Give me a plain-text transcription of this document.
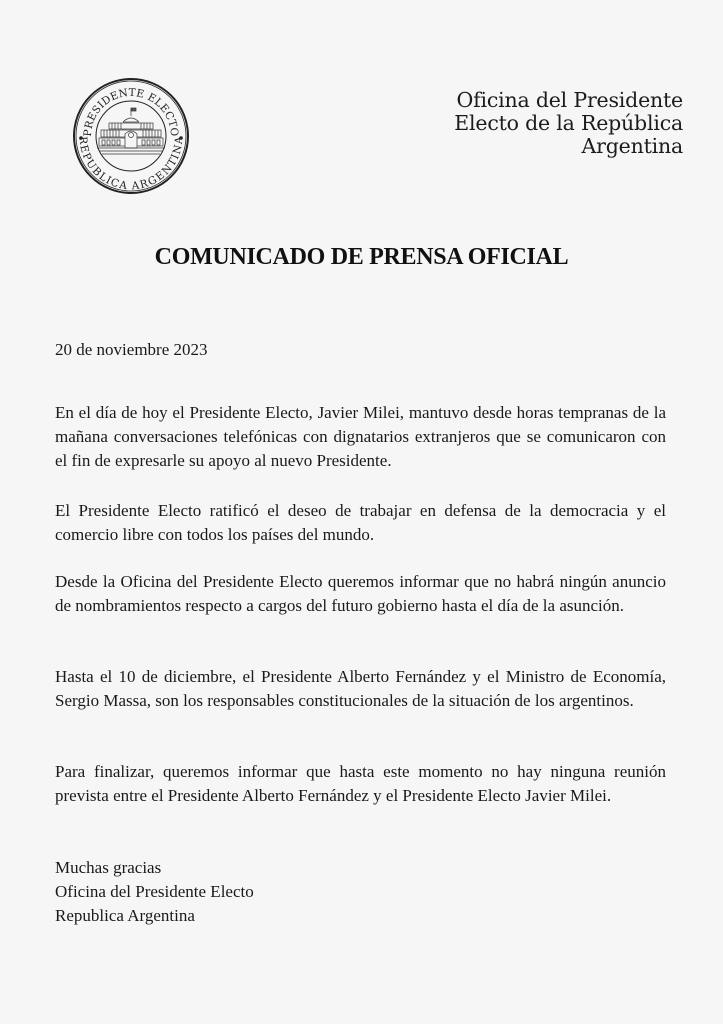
PRESIDENTE ELECTO
REPUBLICA ARGENTINA
Oficina del Presidente
Electo de la República
Argentina
COMUNICADO DE PRENSA OFICIAL
20 de noviembre 2023

En el día de hoy el Presidente Electo, Javier Milei, mantuvo desde horas tempranas de la mañana conversaciones telefónicas con dignatarios extranjeros que se comunicaron con el fin de expresarle su apoyo al nuevo Presidente.

El Presidente Electo ratificó el deseo de trabajar en defensa de la democracia y el comercio libre con todos los países del mundo.

Desde la Oficina del Presidente Electo queremos informar que no habrá ningún anuncio de nombramientos respecto a cargos del futuro gobierno hasta el día de la asunción.

Hasta el 10 de diciembre, el Presidente Alberto Fernández y el Ministro de Economía, Sergio Massa, son los responsables constitucionales de la situación de los argentinos.

Para finalizar, queremos informar que hasta este momento no hay ninguna reunión prevista entre el Presidente Alberto Fernández y el Presidente Electo Javier Milei.

Muchas gracias
Oficina del Presidente Electo
Republica Argentina
